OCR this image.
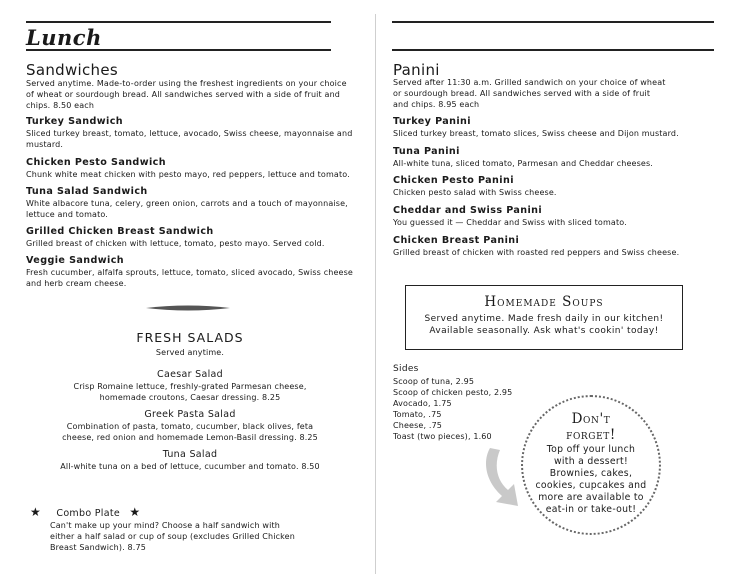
Lunch
Sandwiches
Served anytime. Made-to-order using the freshest ingredients on your choice
of wheat or sourdough bread. All sandwiches served with a side of fruit and
chips. 8.50 each
Turkey Sandwich
Sliced turkey breast, tomato, lettuce, avocado, Swiss cheese, mayonnaise and
mustard.
Chicken Pesto Sandwich
Chunk white meat chicken with pesto mayo, red peppers, lettuce and tomato.
Tuna Salad Sandwich
White albacore tuna, celery, green onion, carrots and a touch of mayonnaise,
lettuce and tomato.
Grilled Chicken Breast Sandwich
Grilled breast of chicken with lettuce, tomato, pesto mayo. Served cold.
Veggie Sandwich
Fresh cucumber, alfalfa sprouts, lettuce, tomato, sliced avocado, Swiss cheese
and herb cream cheese.
FRESH SALADS
Served anytime.
Caesar Salad
Crisp Romaine lettuce, freshly-grated Parmesan cheese,
homemade croutons, Caesar dressing. 8.25
Greek Pasta Salad
Combination of pasta, tomato, cucumber, black olives, feta
cheese, red onion and homemade Lemon-Basil dressing. 8.25
Tuna Salad
All-white tuna on a bed of lettuce, cucumber and tomato. 8.50
★ Combo Plate ★
Can't make up your mind? Choose a half sandwich with
either a half salad or cup of soup (excludes Grilled Chicken
Breast Sandwich). 8.75
Panini
Served after 11:30 a.m. Grilled sandwich on your choice of wheat
or sourdough bread. All sandwiches served with a side of fruit
and chips. 8.95 each
Turkey Panini
Sliced turkey breast, tomato slices, Swiss cheese and Dijon mustard.
Tuna Panini
All-white tuna, sliced tomato, Parmesan and Cheddar cheeses.
Chicken Pesto Panini
Chicken pesto salad with Swiss cheese.
Cheddar and Swiss Panini
You guessed it — Cheddar and Swiss with sliced tomato.
Chicken Breast Panini
Grilled breast of chicken with roasted red peppers and Swiss cheese.
Homemade Soups
Served anytime. Made fresh daily in our kitchen!
Available seasonally. Ask what's cookin' today!
Sides
Scoop of tuna, 2.95
Scoop of chicken pesto, 2.95
Avocado, 1.75
Tomato, .75
Cheese, .75
Toast (two pieces), 1.60
Don't
forget!
Top off your lunch
with a dessert!
Brownies, cakes,
cookies, cupcakes and
more are available to
eat-in or take-out!
